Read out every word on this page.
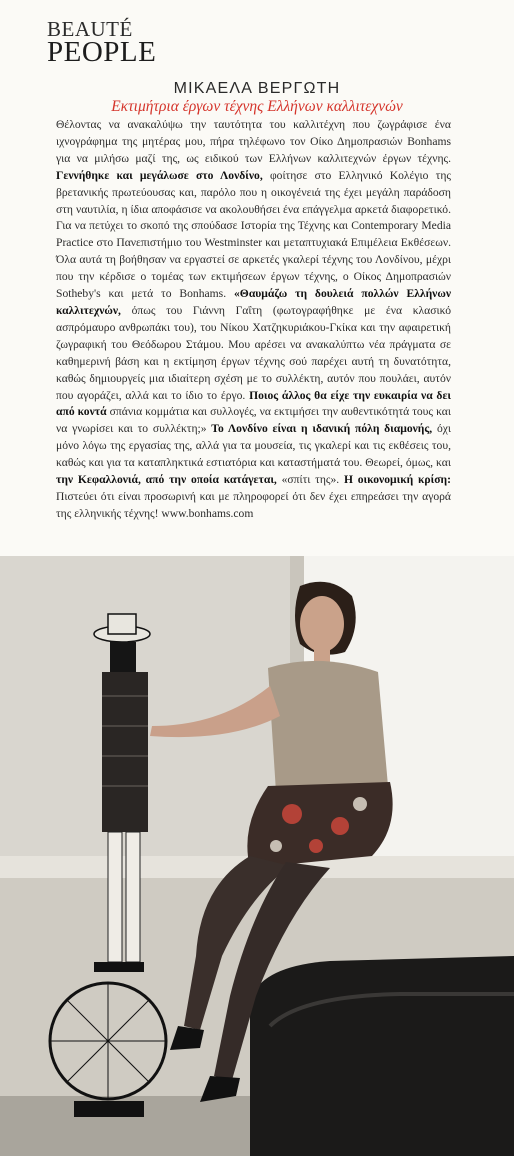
BEAUTÉ
PEOPLE
ΜΙΚΑΕΛΑ ΒΕΡΓΩΤΗ
Εκτιμήτρια έργων τέχνης Ελλήνων καλλιτεχνών
Θέλοντας να ανακαλύψω την ταυτότητα του καλλιτέχνη που ζωγράφισε ένα ιχνογράφημα της μητέρας μου, πήρα τηλέφωνο τον Οίκο Δημοπρασιών Bonhams για να μιλήσω μαζί της, ως ειδικού των Ελλήνων καλλιτεχνών έργων τέχνης. Γεννήθηκε και μεγάλωσε στο Λονδίνο, φοίτησε στο Ελληνικό Κολέγιο της βρετανικής πρωτεύουσας και, παρόλο που η οικογένειά της έχει μεγάλη παράδοση στη ναυτιλία, η ίδια αποφάσισε να ακολουθήσει ένα επάγγελμα αρκετά διαφορετικό. Για να πετύχει το σκοπό της σπούδασε Ιστορία της Τέχνης και Contemporary Media Practice στο Πανεπιστήμιο του Westminster και μεταπτυχιακά Επιμέλεια Εκθέσεων. Όλα αυτά τη βοήθησαν να εργαστεί σε αρκετές γκαλερί τέχνης του Λονδίνου, μέχρι που την κέρδισε ο τομέας των εκτιμήσεων έργων τέχνης, ο Οίκος Δημοπρασιών Sotheby's και μετά το Bonhams. «Θαυμάζω τη δουλειά πολλών Ελλήνων καλλιτεχνών, όπως του Γιάννη Γαΐτη (φωτογραφήθηκε με ένα κλασικό ασπρόμαυρο ανθρωπάκι του), του Νίκου Χατζηκυριάκου-Γκίκα και την αφαιρετική ζωγραφική του Θεόδωρου Στάμου. Μου αρέσει να ανακαλύπτω νέα πράγματα σε καθημερινή βάση και η εκτίμηση έργων τέχνης σού παρέχει αυτή τη δυνατότητα, καθώς δημιουργείς μια ιδιαίτερη σχέση με το συλλέκτη, αυτόν που πουλάει, αυτόν που αγοράζει, αλλά και το ίδιο το έργο. Ποιος άλλος θα είχε την ευκαιρία να δει από κοντά σπάνια κομμάτια και συλλογές, να εκτιμήσει την αυθεντικότητά τους και να γνωρίσει και το συλλέκτη;» Το Λονδίνο είναι η ιδανική πόλη διαμονής, όχι μόνο λόγω της εργασίας της, αλλά για τα μουσεία, τις γκαλερί και τις εκθέσεις του, καθώς και για τα καταπληκτικά εστιατόρια και καταστήματά του. Θεωρεί, όμως, και την Κεφαλλονιά, από την οποία κατάγεται, «σπίτι της». Η οικονομική κρίση: Πιστεύει ότι είναι προσωρινή και με πληροφορεί ότι δεν έχει επηρεάσει την αγορά της ελληνικής τέχνης! www.bonhams.com
